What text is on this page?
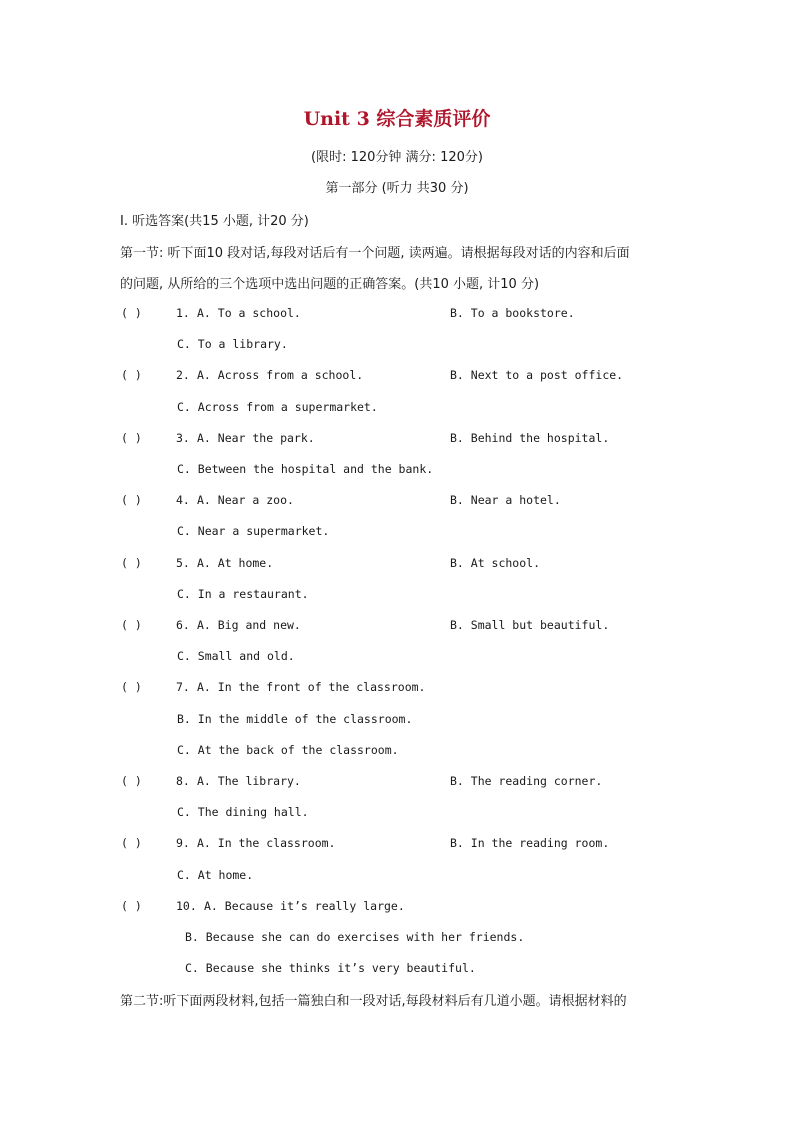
Unit 3 综合素质评价
(限时: 120分钟 满分: 120分)
第一部分 (听力 共30 分)
I. 听选答案(共15 小题, 计20 分)
第一节: 听下面10 段对话,每段对话后有一个问题, 读两遍。请根据每段对话的内容和后面
的问题, 从所给的三个选项中选出问题的正确答案。(共10 小题, 计10 分)
( )	1. A. To a school.	B. To a bookstore.
C. To a library.
( )	2. A. Across from a school.	B. Next to a post office.
C. Across from a supermarket.
( )	3. A. Near the park.	B. Behind the hospital.
C. Between the hospital and the bank.
( )	4. A. Near a zoo.	B. Near a hotel.
C. Near a supermarket.
( )	5. A. At home.	B. At school.
C. In a restaurant.
( )	6. A. Big and new.	B. Small but beautiful.
C. Small and old.
( )	7. A. In the front of the classroom.
B. In the middle of the classroom.
C. At the back of the classroom.
( )	8. A. The library.	B. The reading corner.
C. The dining hall.
( )	9. A. In the classroom.	B. In the reading room.
C. At home.
( )	10. A. Because it’s really large.
B. Because she can do exercises with her friends.
C. Because she thinks it’s very beautiful.
第二节:听下面两段材料,包括一篇独白和一段对话,每段材料后有几道小题。请根据材料的
